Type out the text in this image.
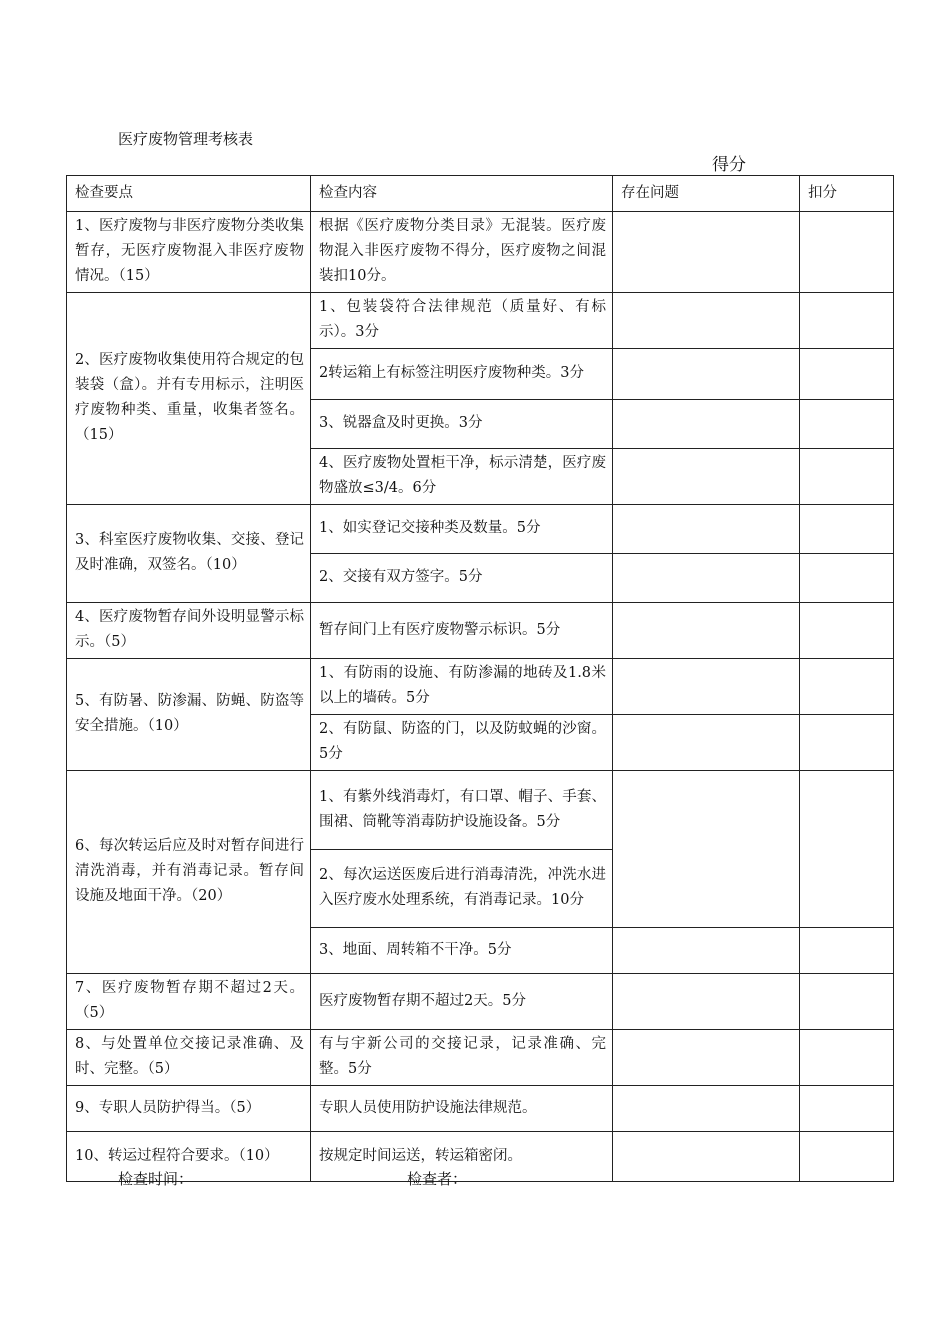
医疗废物管理考核表
得分
检查要点	检查内容	存在问题	扣分
1、医疗废物与非医疗废物分类收集暂存，无医疗废物混入非医疗废物情况。（15）	根据《医疗废物分类目录》无混装。医疗废物混入非医疗废物不得分，医疗废物之间混装扣10分。		
2、医疗废物收集使用符合规定的包装袋（盒）。并有专用标示，注明医疗废物种类、重量，收集者签名。（15）	1、包装袋符合法律规范（质量好、有标示）。3分		
	2转运箱上有标签注明医疗废物种类。3分		
	3、锐器盒及时更换。3分		
	4、医疗废物处置柜干净，标示清楚，医疗废物盛放≤3/4。6分		
3、科室医疗废物收集、交接、登记及时准确，双签名。（10）	1、如实登记交接种类及数量。5分		
	2、交接有双方签字。5分		
4、医疗废物暂存间外设明显警示标示。（5）	暂存间门上有医疗废物警示标识。5分		
5、有防暑、防渗漏、防蝇、防盗等安全措施。（10）	1、有防雨的设施、有防渗漏的地砖及1.8米以上的墙砖。5分		
	2、有防鼠、防盗的门，以及防蚊蝇的沙窗。5分		
6、每次转运后应及时对暂存间进行清洗消毒，并有消毒记录。暂存间设施及地面干净。（20）	1、有紫外线消毒灯，有口罩、帽子、手套、围裙、筒靴等消毒防护设施设备。5分		
	2、每次运送医废后进行消毒清洗，冲洗水进入医疗废水处理系统，有消毒记录。10分		
	3、地面、周转箱不干净。5分		
7、医疗废物暂存期不超过2天。（5）	医疗废物暂存期不超过2天。5分		
8、与处置单位交接记录准确、及时、完整。（5）	有与宇新公司的交接记录，记录准确、完整。5分		
9、专职人员防护得当。（5）	专职人员使用防护设施法律规范。		
10、转运过程符合要求。（10）	按规定时间运送，转运箱密闭。		
检查时间：	检查者：
